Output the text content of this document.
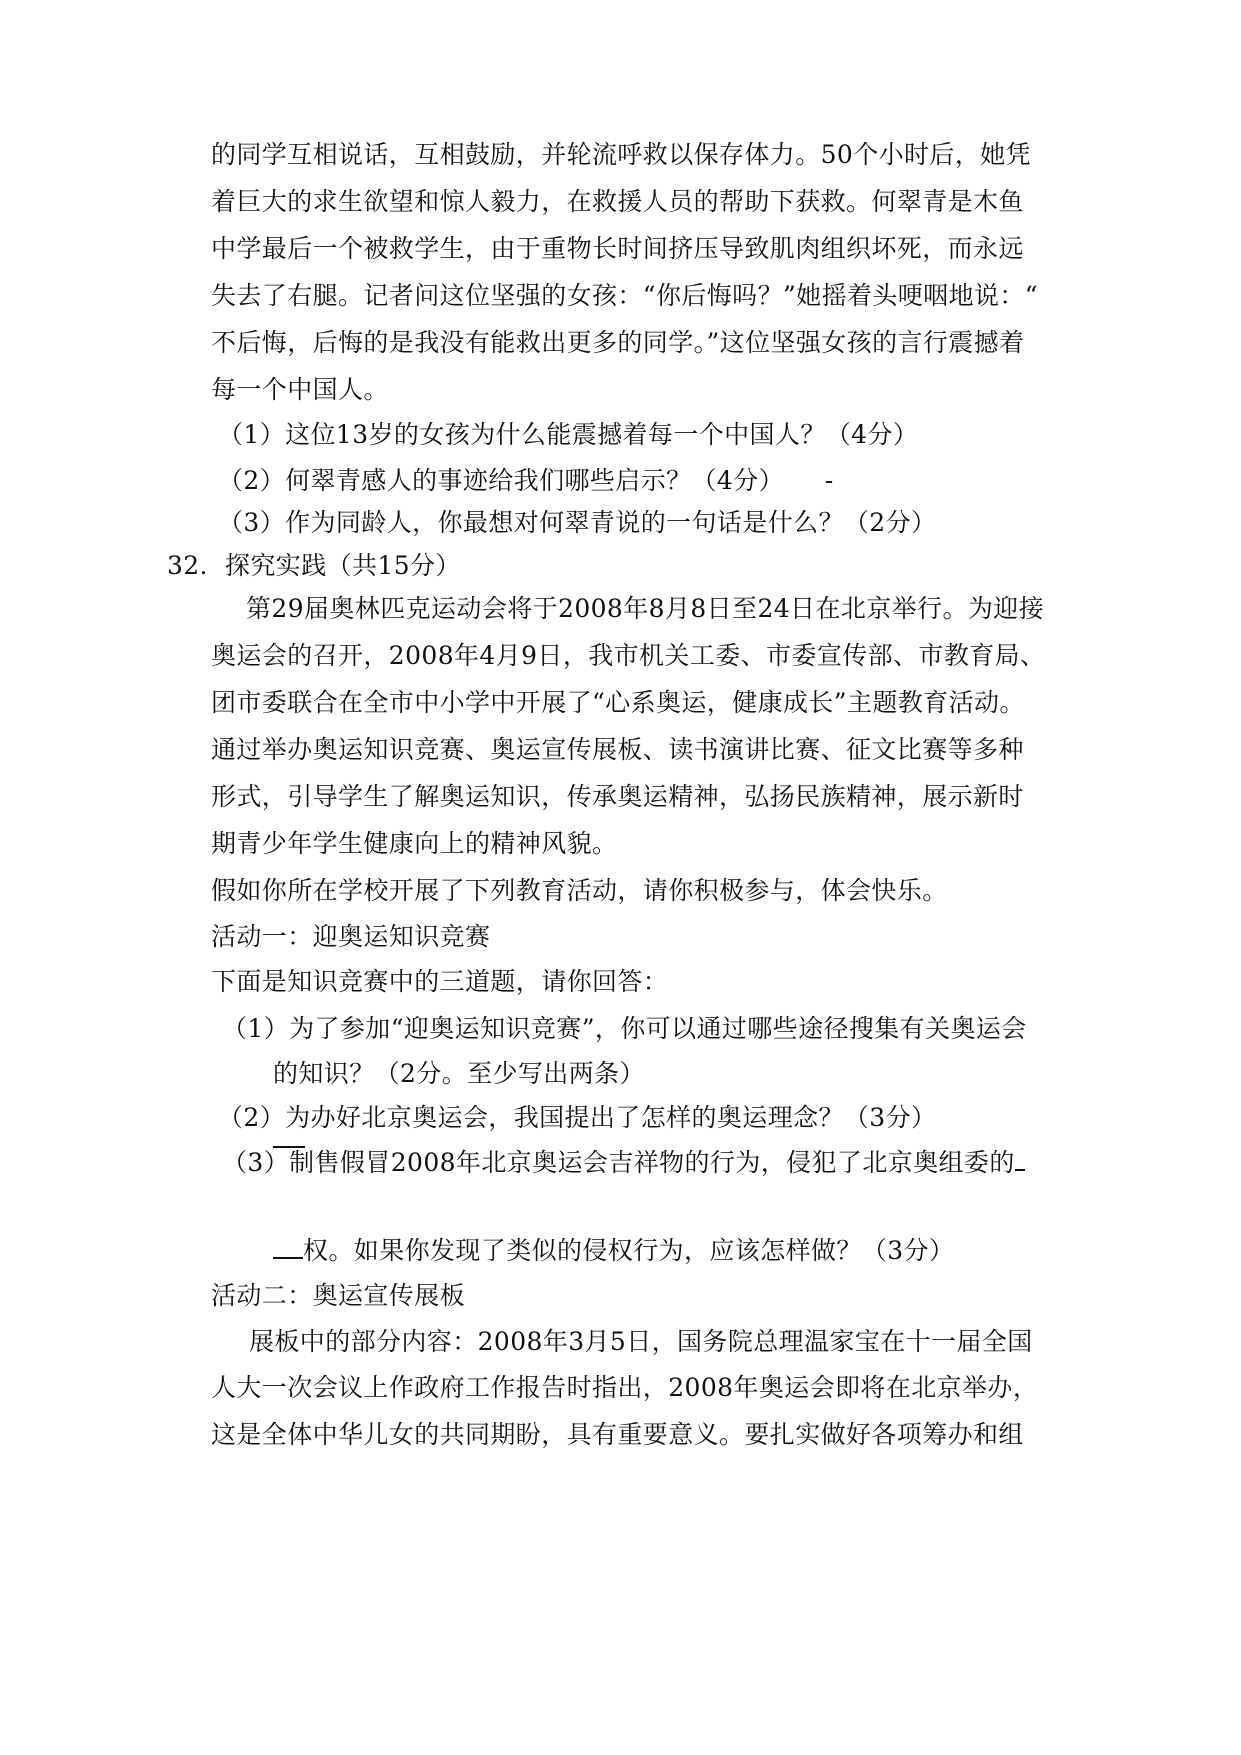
的同学互相说话，互相鼓励，并轮流呼救以保存体力。50个小时后，她凭
着巨大的求生欲望和惊人毅力，在救援人员的帮助下获救。何翠青是木鱼
中学最后一个被救学生，由于重物长时间挤压导致肌肉组织坏死，而永远
失去了右腿。记者问这位坚强的女孩：“你后悔吗？”她摇着头哽咽地说：“
不后悔，后悔的是我没有能救出更多的同学。”这位坚强女孩的言行震撼着
每一个中国人。
（1）这位13岁的女孩为什么能震撼着每一个中国人？（4分）
（2）何翠青感人的事迹给我们哪些启示？（4分） -
（3）作为同龄人，你最想对何翠青说的一句话是什么？（2分）
32．探究实践（共15分）
第29届奥林匹克运动会将于2008年8月8日至24日在北京举行。为迎接
奥运会的召开，2008年4月9日，我市机关工委、市委宣传部、市教育局、
团市委联合在全市中小学中开展了“心系奥运，健康成长”主题教育活动。
通过举办奥运知识竞赛、奥运宣传展板、读书演讲比赛、征文比赛等多种
形式，引导学生了解奥运知识，传承奥运精神，弘扬民族精神，展示新时
期青少年学生健康向上的精神风貌。
假如你所在学校开展了下列教育活动，请你积极参与，体会快乐。
活动一：迎奥运知识竞赛
下面是知识竞赛中的三道题，请你回答：
（1）为了参加“迎奥运知识竞赛”，你可以通过哪些途径搜集有关奥运会
的知识？（2分。至少写出两条）
（2）为办好北京奥运会，我国提出了怎样的奥运理念？（3分）
（3）制售假冒2008年北京奥运会吉祥物的行为，侵犯了北京奥组委的
权。如果你发现了类似的侵权行为，应该怎样做？（3分）
活动二：奥运宣传展板
展板中的部分内容：2008年3月5日，国务院总理温家宝在十一届全国
人大一次会议上作政府工作报告时指出，2008年奥运会即将在北京举办，
这是全体中华儿女的共同期盼，具有重要意义。要扎实做好各项筹办和组
